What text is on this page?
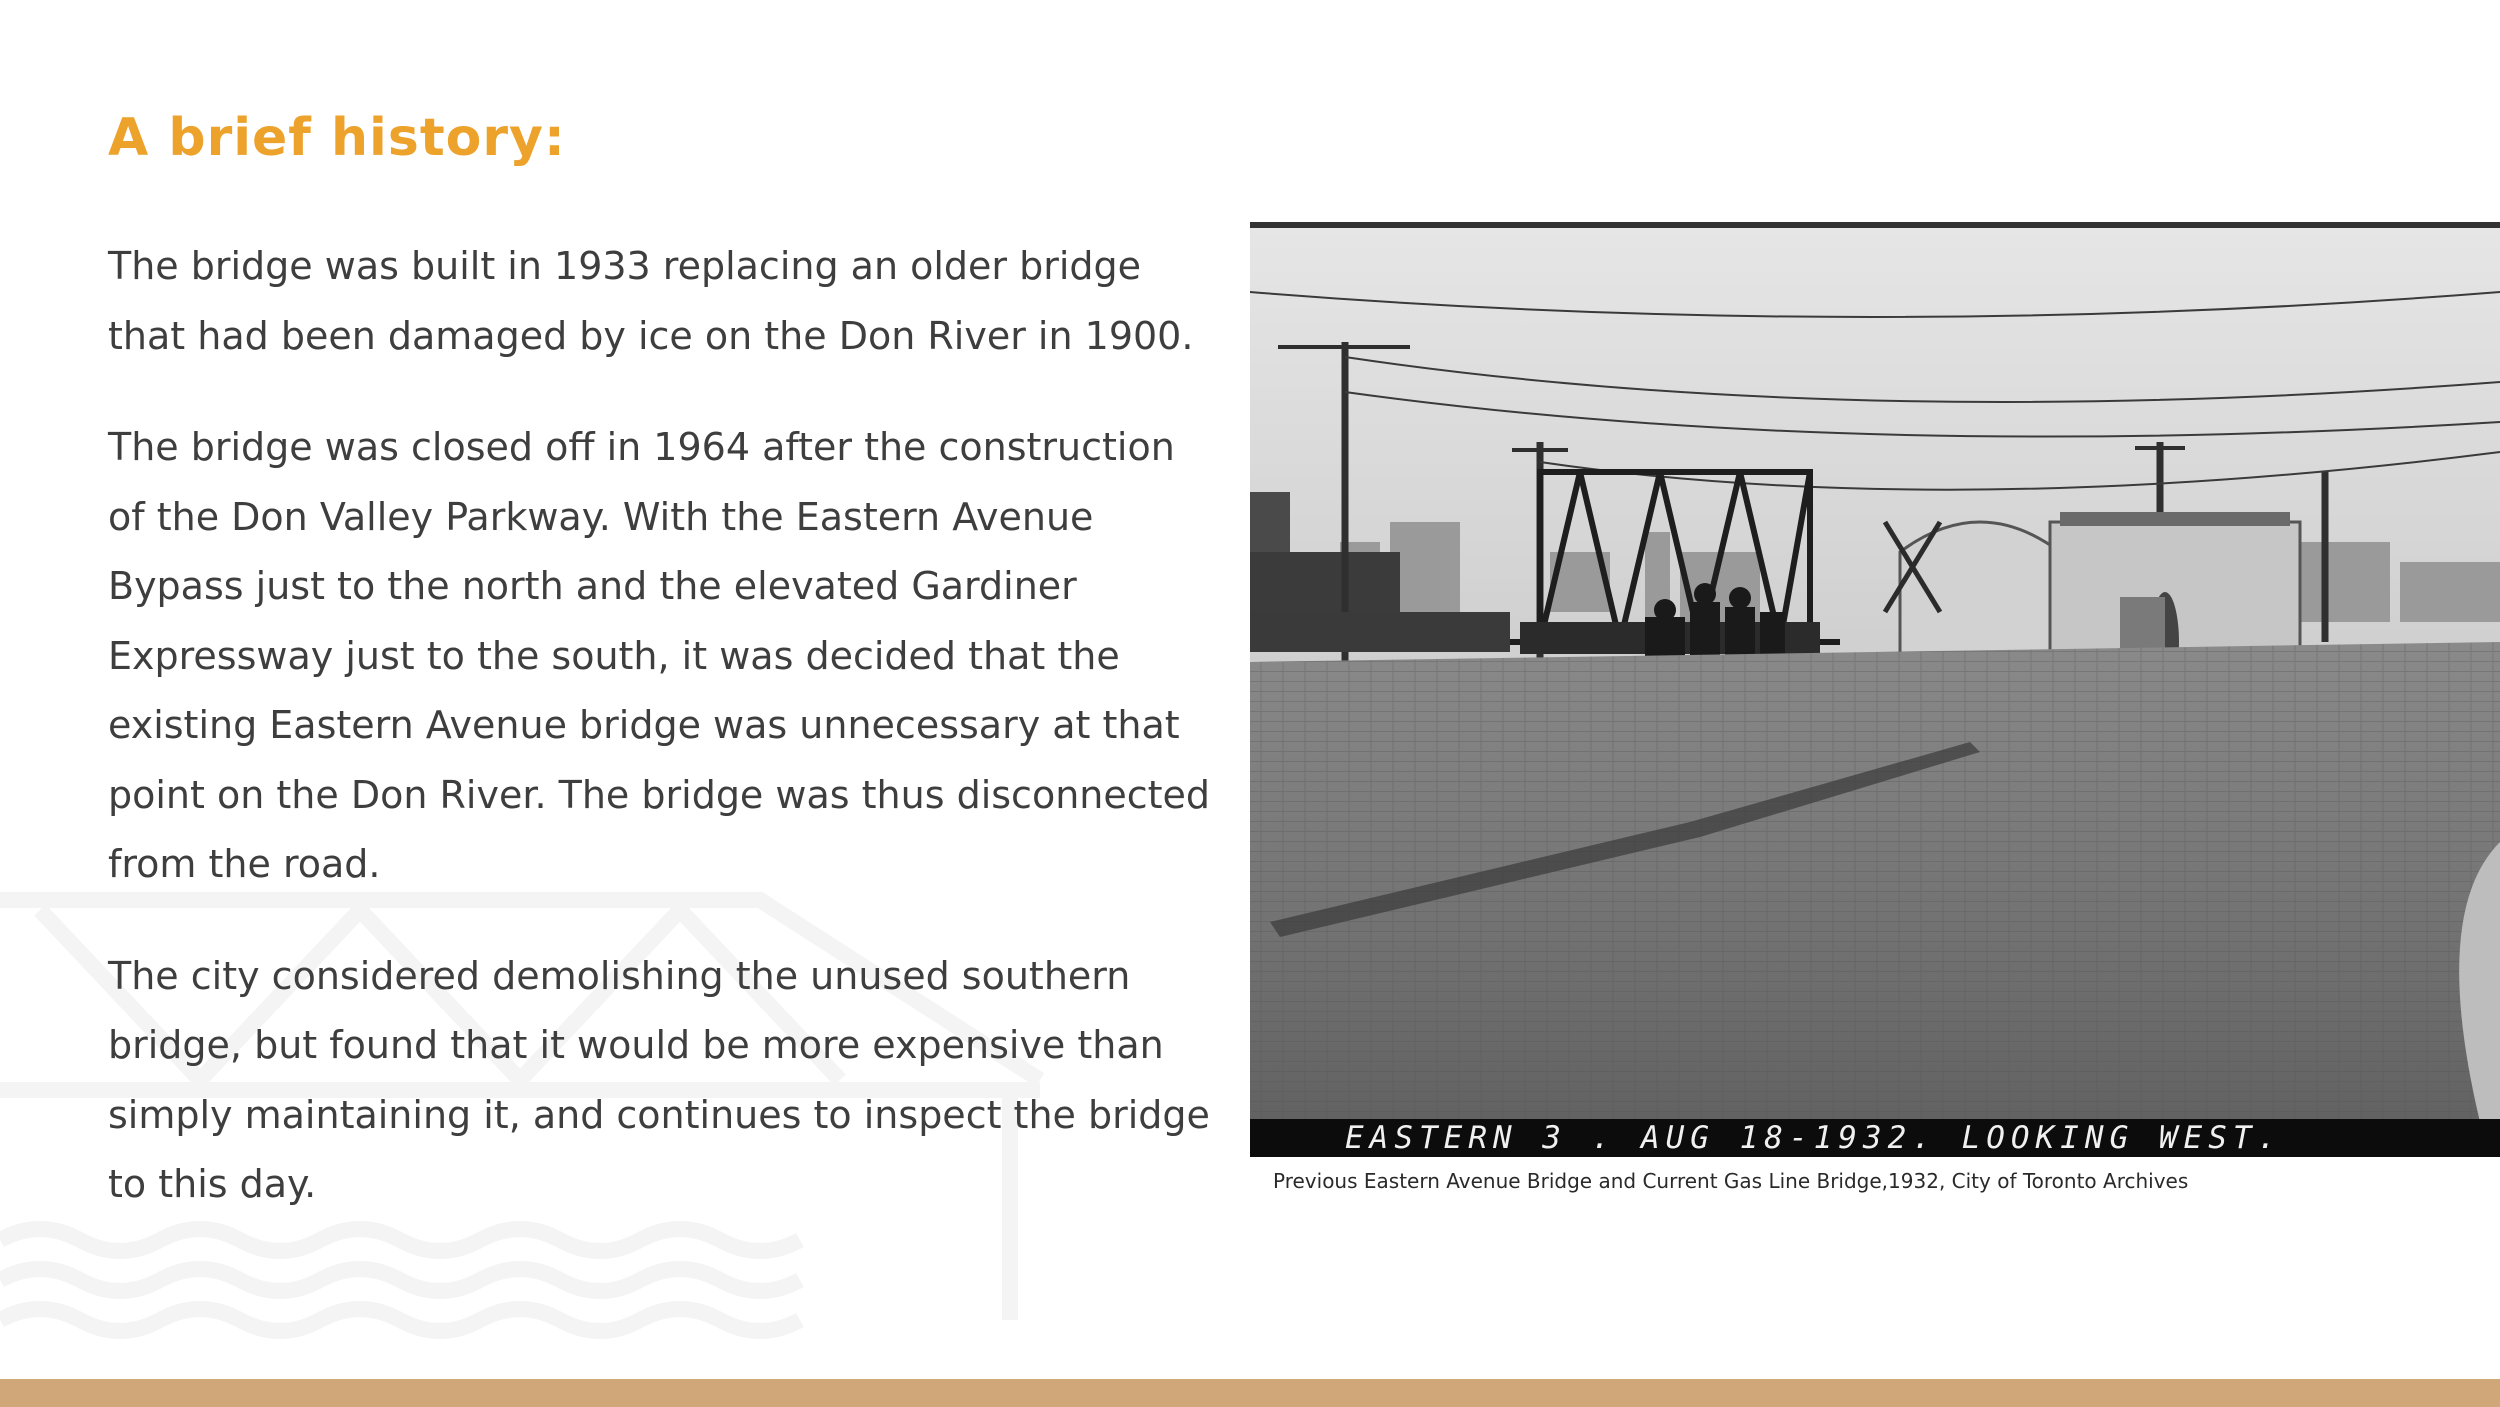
A brief history:

The bridge was built in 1933 replacing an older bridge that had been damaged by ice on the Don River in 1900.

The bridge was closed off in 1964 after the construction of the Don Valley Parkway. With the Eastern Avenue Bypass just to the north and the elevated Gardiner Expressway just to the south, it was decided that the existing Eastern Avenue bridge was unnecessary at that point on the Don River. The bridge was thus disconnected from the road.

The city considered demolishing the unused southern bridge, but found that it would be more expensive than simply maintaining it, and continues to inspect the bridge to this day.

EASTERN 3 . AUG 18-1932. LOOKING WEST.
Previous Eastern Avenue Bridge and Current Gas Line Bridge,1932, City of Toronto Archives
